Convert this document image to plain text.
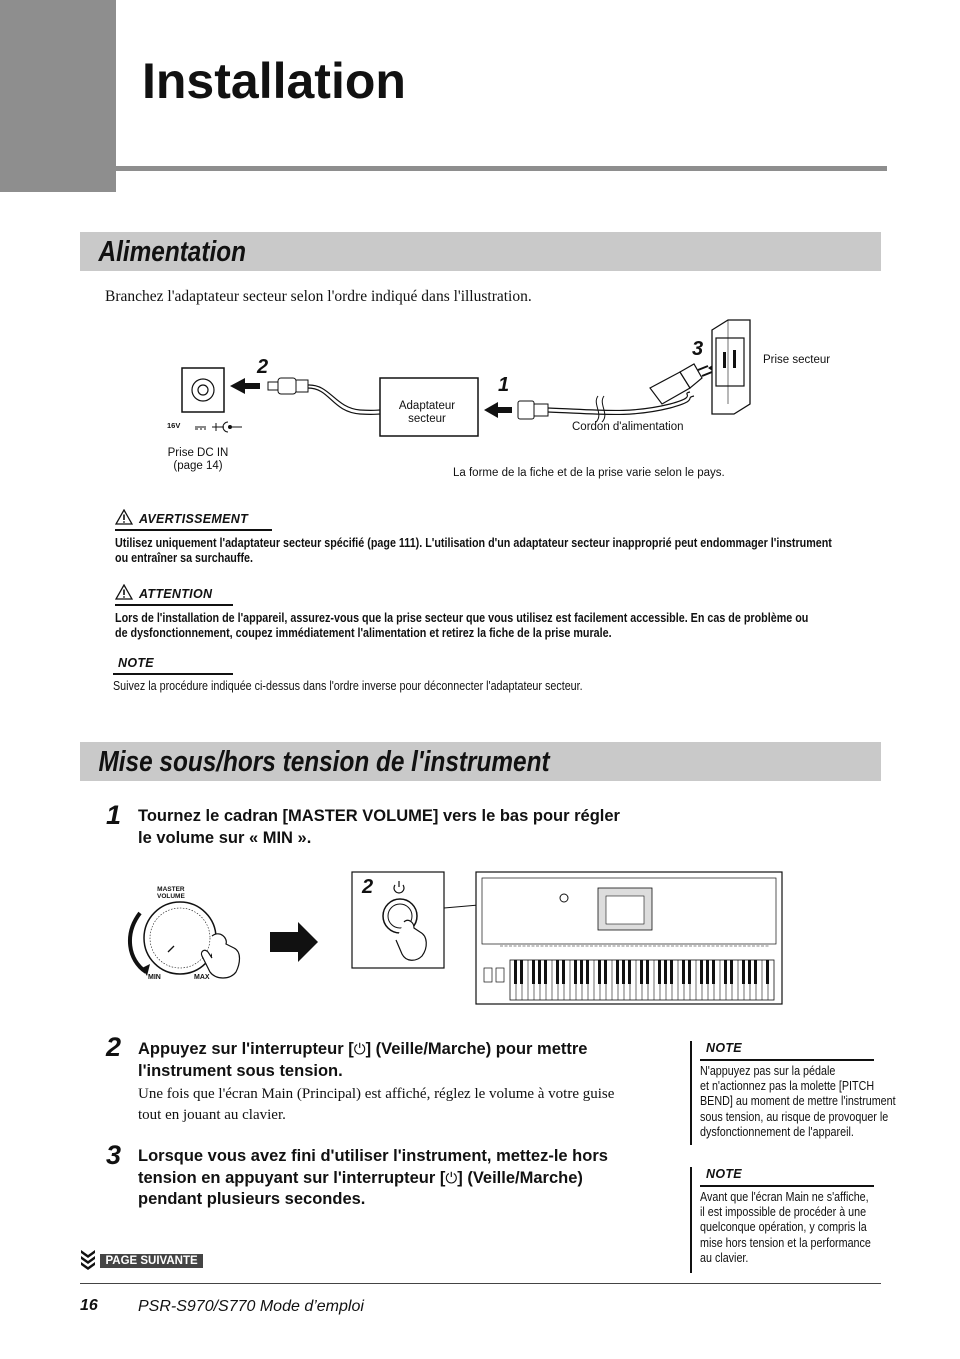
Installation
Alimentation
Branchez l'adaptateur secteur selon l'ordre indiqué dans l'illustration.
2
1
3
16V
Prise DC IN
(page 14)
Adaptateur
secteur
Cordon d'alimentation
Prise secteur
La forme de la fiche et de la prise varie selon le pays.
AVERTISSEMENT
Utilisez uniquement l'adaptateur secteur spécifié (page 111). L'utilisation d'un adaptateur secteur inapproprié peut endommager l'instrument
ou entraîner sa surchauffe.
ATTENTION
Lors de l'installation de l'appareil, assurez-vous que la prise secteur que vous utilisez est facilement accessible. En cas de problème ou
de dysfonctionnement, coupez immédiatement l'alimentation et retirez la fiche de la prise murale.
NOTE
Suivez la procédure indiquée ci-dessus dans l'ordre inverse pour déconnecter l'adaptateur secteur.
Mise sous/hors tension de l'instrument
1 Tournez le cadran [MASTER VOLUME] vers le bas pour régler
le volume sur « MIN ».
MASTER
VOLUME
MIN	MAX
2
2 Appuyez sur l'interrupteur [⏻] (Veille/Marche) pour mettre
l'instrument sous tension.
Une fois que l'écran Main (Principal) est affiché, réglez le volume à votre guise
tout en jouant au clavier.
3 Lorsque vous avez fini d'utiliser l'instrument, mettez-le hors
tension en appuyant sur l'interrupteur [⏻] (Veille/Marche)
pendant plusieurs secondes.
NOTE
N'appuyez pas sur la pédale
et n'actionnez pas la molette [PITCH
BEND] au moment de mettre l'instrument
sous tension, au risque de provoquer le
dysfonctionnement de l'appareil.
NOTE
Avant que l'écran Main ne s'affiche,
il est impossible de procéder à une
quelconque opération, y compris la
mise hors tension et la performance
au clavier.
PAGE SUIVANTE
16	PSR-S970/S770 Mode d’emploi
